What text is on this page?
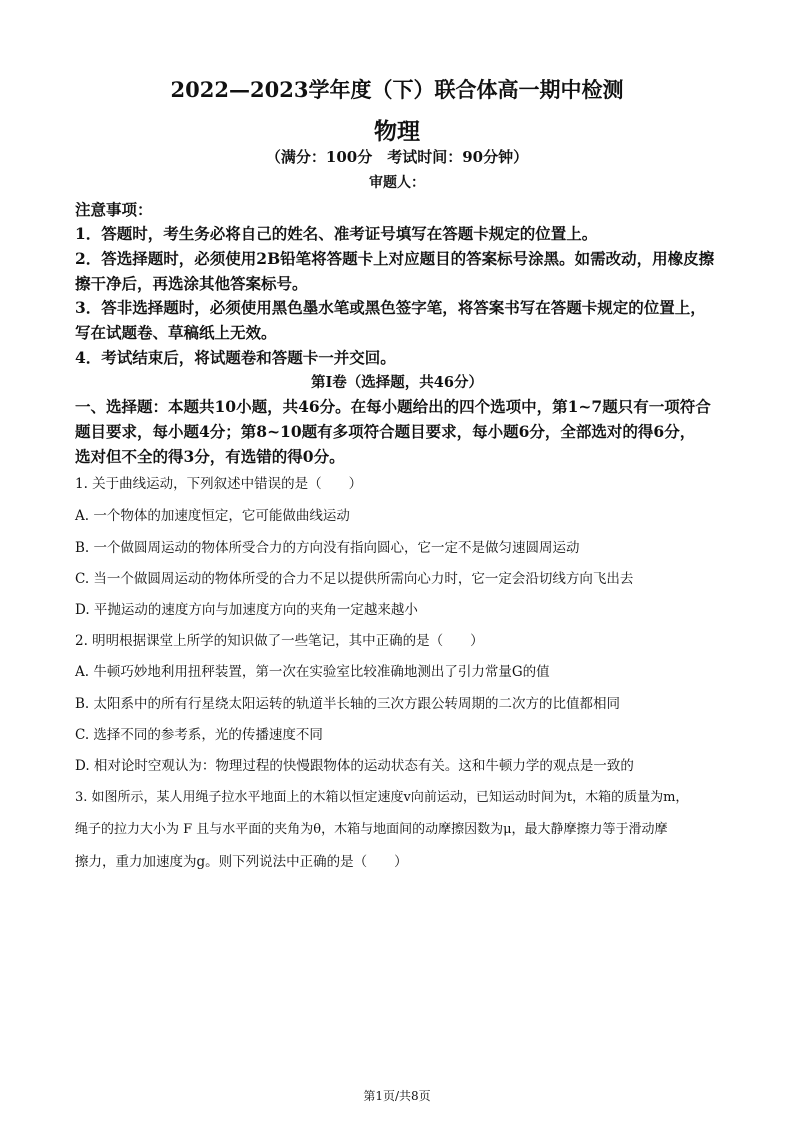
2022—2023学年度（下）联合体高一期中检测
物理
（满分：100分　考试时间：90分钟）
审题人：
注意事项：
1．答题时，考生务必将自己的姓名、准考证号填写在答题卡规定的位置上。
2．答选择题时，必须使用2B铅笔将答题卡上对应题目的答案标号涂黑。如需改动，用橡皮擦
擦干净后，再选涂其他答案标号。
3．答非选择题时，必须使用黑色墨水笔或黑色签字笔，将答案书写在答题卡规定的位置上，
写在试题卷、草稿纸上无效。
4．考试结束后，将试题卷和答题卡一并交回。
第Ⅰ卷（选择题，共46分）
一、选择题：本题共10小题，共46分。在每小题给出的四个选项中，第1~7题只有一项符合
题目要求，每小题4分；第8~10题有多项符合题目要求，每小题6分，全部选对的得6分，
选对但不全的得3分，有选错的得0分。
1. 关于曲线运动，下列叙述中错误的是（　　）
A. 一个物体的加速度恒定，它可能做曲线运动
B. 一个做圆周运动的物体所受合力的方向没有指向圆心，它一定不是做匀速圆周运动
C. 当一个做圆周运动的物体所受的合力不足以提供所需向心力时，它一定会沿切线方向飞出去
D. 平抛运动的速度方向与加速度方向的夹角一定越来越小
2. 明明根据课堂上所学的知识做了一些笔记，其中正确的是（　　）
A. 牛顿巧妙地利用扭秤装置，第一次在实验室比较准确地测出了引力常量G的值
B. 太阳系中的所有行星绕太阳运转的轨道半长轴的三次方跟公转周期的二次方的比值都相同
C. 选择不同的参考系，光的传播速度不同
D. 相对论时空观认为：物理过程的快慢跟物体的运动状态有关。这和牛顿力学的观点是一致的
3. 如图所示，某人用绳子拉水平地面上的木箱以恒定速度v向前运动，已知运动时间为t，木箱的质量为m，
绳子的拉力大小为 F 且与水平面的夹角为θ，木箱与地面间的动摩擦因数为μ，最大静摩擦力等于滑动摩
擦力，重力加速度为g。则下列说法中正确的是（　　）
第1页/共8页
